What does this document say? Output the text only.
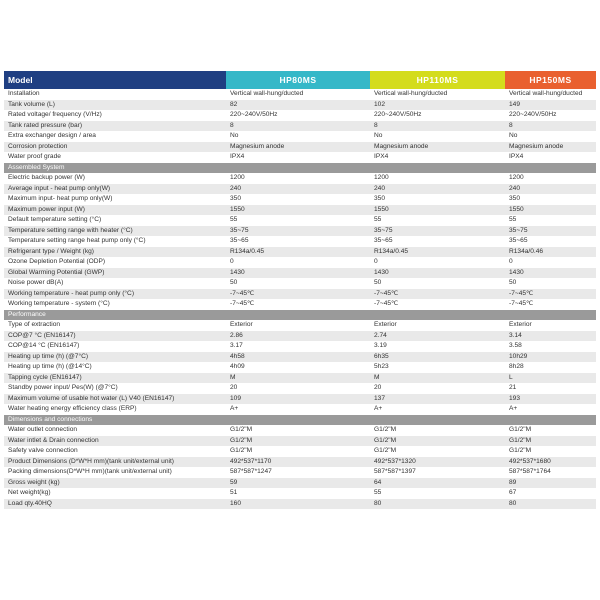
Model	HP80MS	HP110MS	HP150MS
Installation	Vertical wall-hung/ducted	Vertical wall-hung/ducted	Vertical wall-hung/ducted
Tank volume (L)	82	102	149
Rated voltage/ frequency (V/Hz)	220~240V/50Hz	220~240V/50Hz	220~240V/50Hz
Tank rated pressure (bar)	8	8	8
Extra exchanger design / area	No	No	No
Corrosion protection	Magnesium anode	Magnesium anode	Magnesium anode
Water proof grade	IPX4	IPX4	IPX4
Assembled System
Electric backup power (W)	1200	1200	1200
Average input - heat pump only(W)	240	240	240
Maximum input- heat pump only(W)	350	350	350
Maximum power input (W)	1550	1550	1550
Default temperature setting (°C)	55	55	55
Temperature setting range with heater (°C)	35~75	35~75	35~75
Temperature setting range heat pump only (°C)	35~65	35~65	35~65
Refrigerant type / Weight (kg)	R134a/0.45	R134a/0.45	R134a/0.46
Ozone Depletion Potential (ODP)	0	0	0
Global Warming Potential (GWP)	1430	1430	1430
Noise power dB(A)	50	50	50
Working temperature - heat pump only (°C)	-7~45℃	-7~45℃	-7~45℃
Working temperature - system (°C)	-7~45℃	-7~45℃	-7~45℃
Performance
Type of extraction	Exterior	Exterior	Exterior
COP@7 °C (EN16147)	2.86	2.74	3.14
COP@14 °C (EN16147)	3.17	3.19	3.58
Heating up time (h) (@7°C)	4h58	6h35	10h29
Heating up time (h) (@14°C)	4h09	5h23	8h28
Tapping cycle (EN16147)	M	M	L
Standby power input/ Pes(W) (@7°C)	20	20	21
Maximum volume of usable hot water (L) V40 (EN16147)	109	137	193
Water heating energy efficiency class (ERP)	A+	A+	A+
Dimensions and connections
Water outlet connection	G1/2"M	G1/2"M	G1/2"M
Water intlet & Drain connection	G1/2"M	G1/2"M	G1/2"M
Safety valve connection	G1/2"M	G1/2"M	G1/2"M
Product Dimensions (D*W*H mm)(tank unit/external unit)	492*537*1170	492*537*1320	492*537*1680
Packing dimensions(D*W*H mm)(tank unit/external unit)	587*587*1247	587*587*1397	587*587*1764
Gross weight (kg)	59	64	89
Net weight(kg)	51	55	67
Load qty.40HQ	160	80	80
